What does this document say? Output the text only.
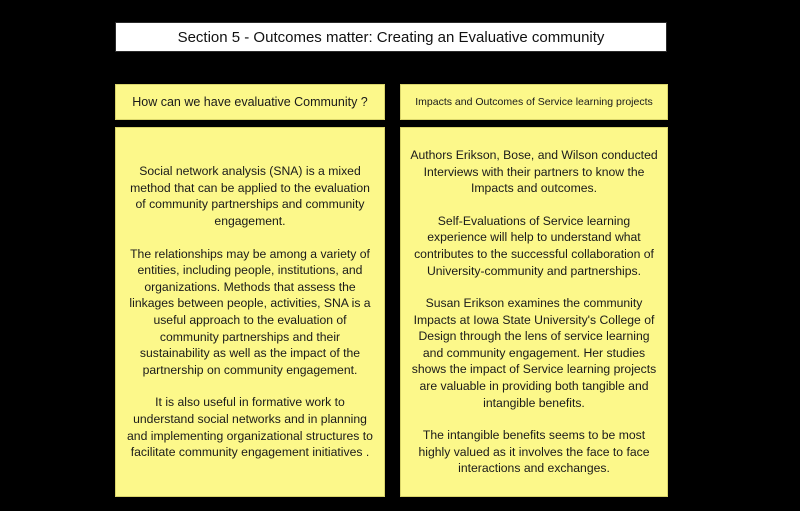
Section 5 - Outcomes matter: Creating an Evaluative community
How can we have evaluative Community ?	Impacts and Outcomes of Service learning projects

Social network analysis (SNA) is a mixed method that can be applied to the evaluation of community partnerships and community engagement.

The relationships may be among a variety of entities, including people, institutions, and organizations. Methods that assess the linkages between people, activities, SNA is a useful approach to the evaluation of community partnerships and their sustainability as well as the impact of the partnership on community engagement.

It is also useful in formative work to understand social networks and in planning and implementing organizational structures to facilitate community engagement initiatives .

Authors Erikson, Bose, and Wilson conducted Interviews with their partners to know the Impacts and outcomes.

Self-Evaluations of Service learning experience will help to understand what contributes to the successful collaboration of University-community and partnerships.

Susan Erikson examines the community Impacts at Iowa State University's College of Design through the lens of service learning and community engagement. Her studies shows the impact of Service learning projects are valuable in providing both tangible and intangible benefits.

The intangible benefits seems to be most highly valued as it involves the face to face interactions and exchanges.
